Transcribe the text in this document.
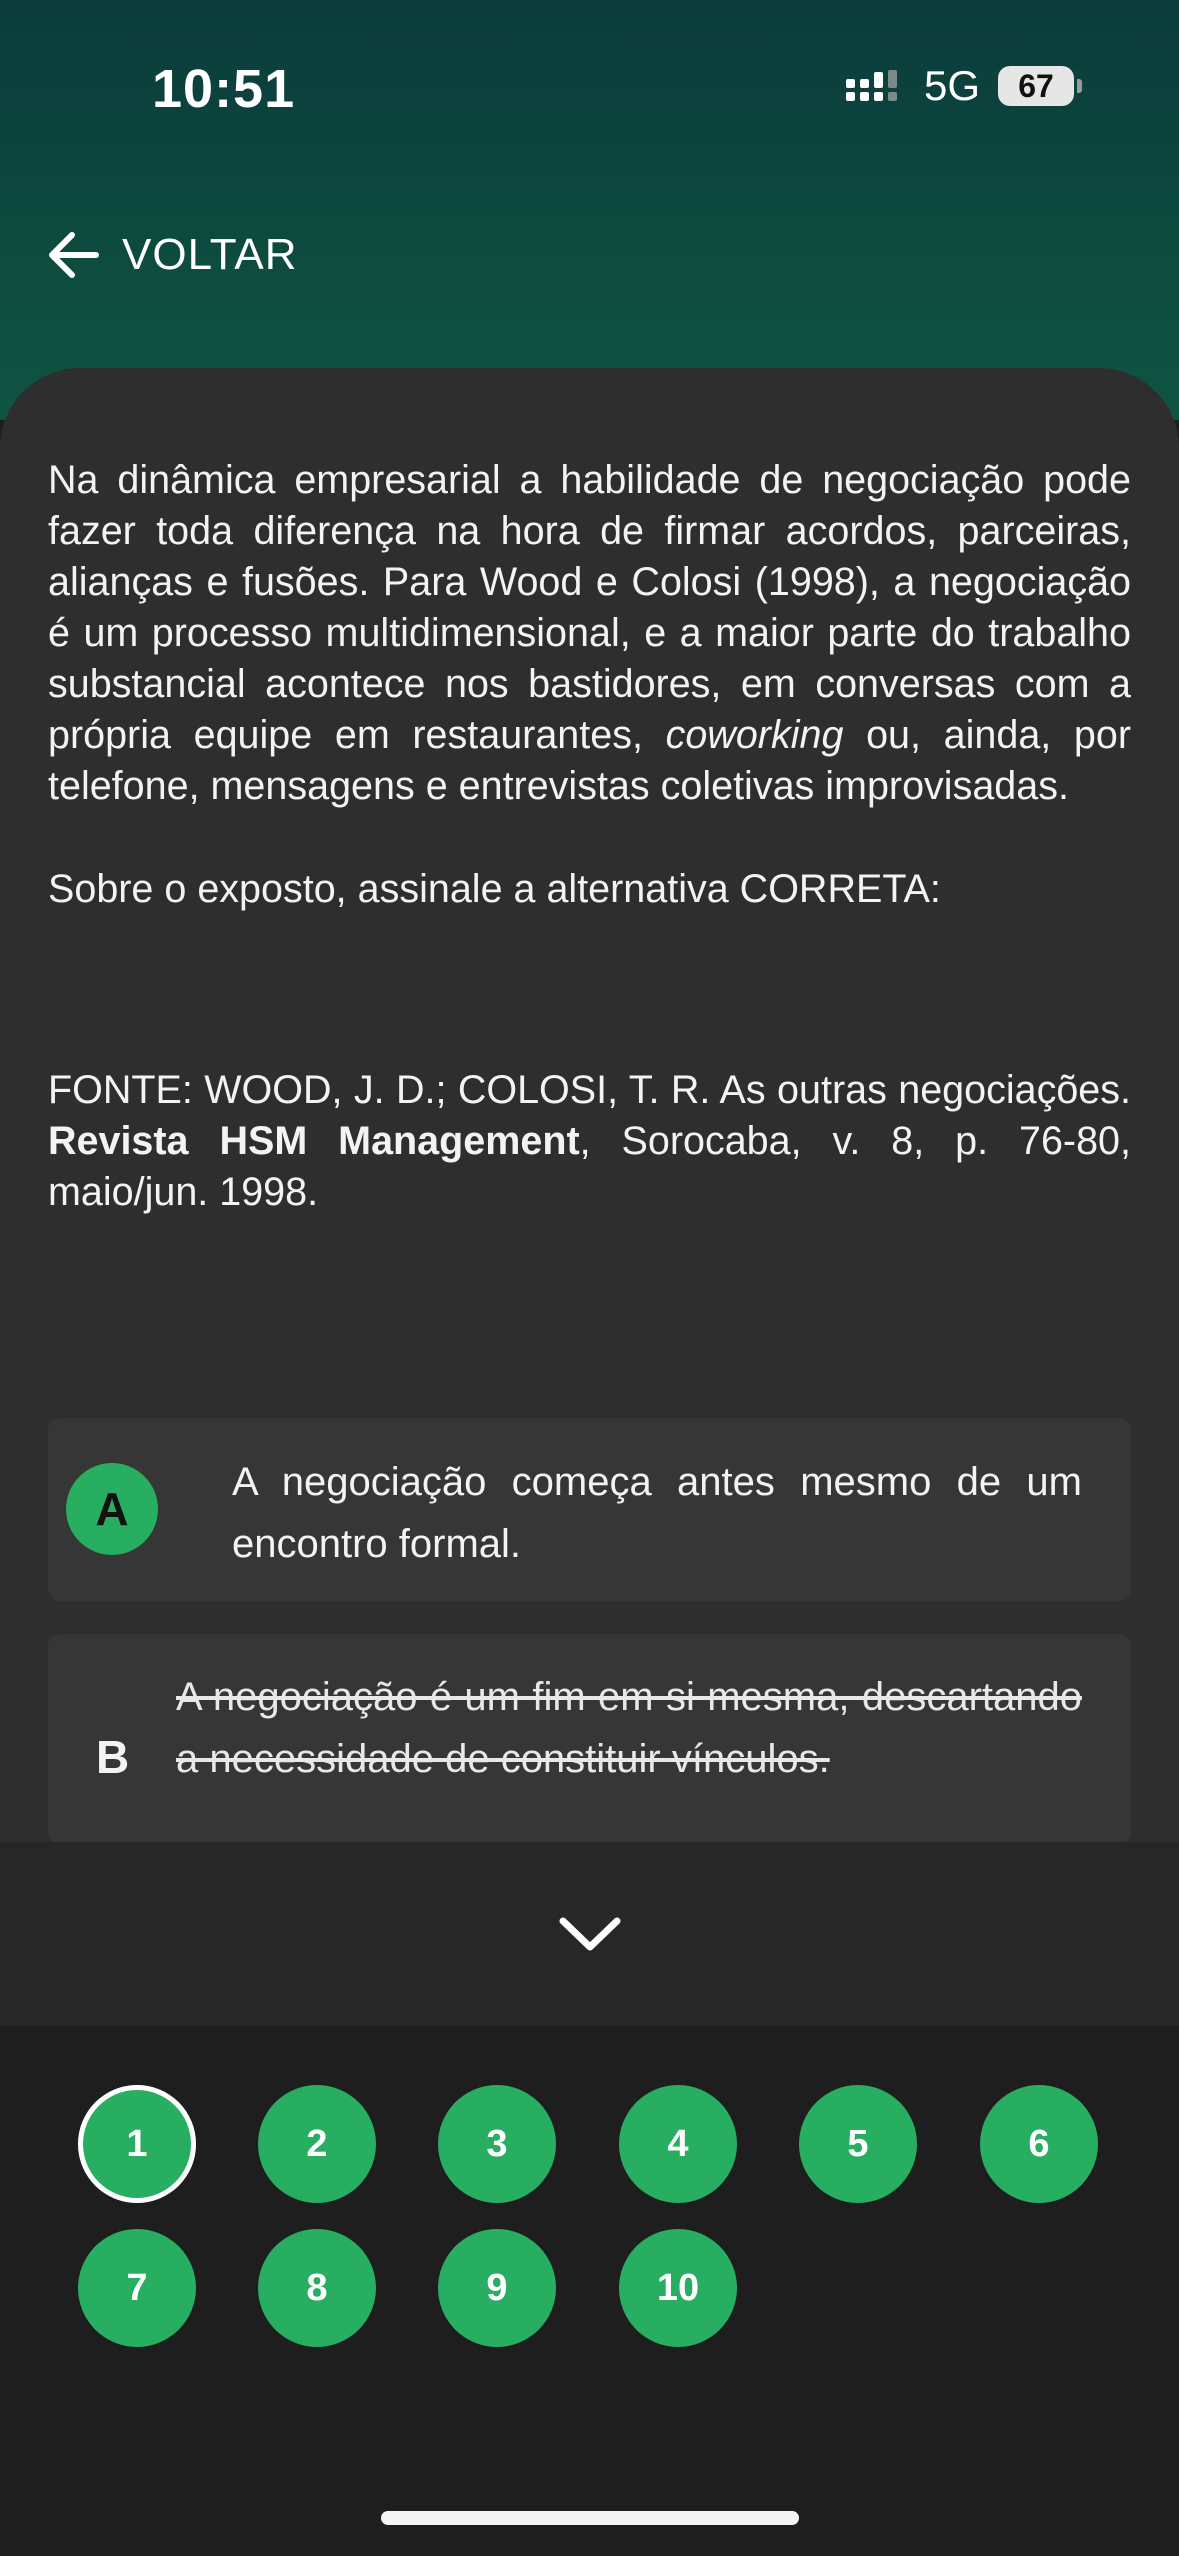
10:51	5G	67
VOLTAR

Na dinâmica empresarial a habilidade de negociação pode fazer toda diferença na hora de firmar acordos, parceiras, alianças e fusões. Para Wood e Colosi (1998), a negociação é um processo multidimensional, e a maior parte do trabalho substancial acontece nos bastidores, em conversas com a própria equipe em restaurantes, coworking ou, ainda, por telefone, mensagens e entrevistas coletivas improvisadas.

Sobre o exposto, assinale a alternativa CORRETA:

FONTE: WOOD, J. D.; COLOSI, T. R. As outras negociações. Revista HSM Management, Sorocaba, v. 8, p. 76-80, maio/jun. 1998.

A
A negociação começa antes mesmo de um encontro formal.
B
A negociação é um fim em si mesma, descartando a necessidade de constituir vínculos.
1	2	3	4	5	6
7	8	9	10
